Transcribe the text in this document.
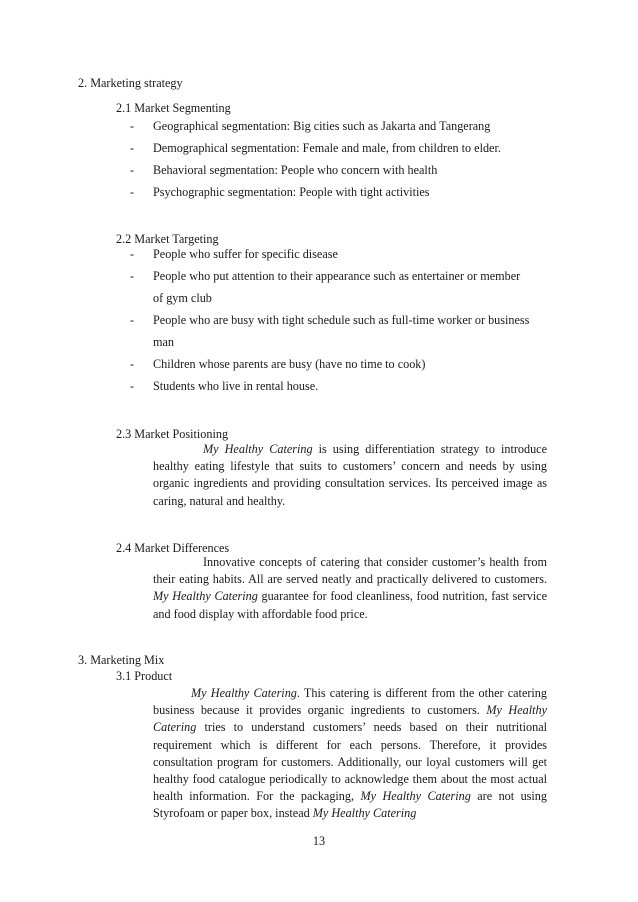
2. Marketing strategy
2.1 Market Segmenting
- Geographical segmentation: Big cities such as Jakarta and Tangerang
- Demographical segmentation: Female and male, from children to elder.
- Behavioral segmentation: People who concern with health
- Psychographic segmentation: People with tight activities
2.2 Market Targeting
- People who suffer for specific disease
- People who put attention to their appearance such as entertainer or member
of gym club
- People who are busy with tight schedule such as full-time worker or business
man
- Children whose parents are busy (have no time to cook)
- Students who live in rental house.
2.3 Market Positioning
My Healthy Catering is using differentiation strategy to introduce healthy eating lifestyle that suits to customers’ concern and needs by using organic ingredients and providing consultation services. Its perceived image as caring, natural and healthy.
2.4 Market Differences
Innovative concepts of catering that consider customer’s health from their eating habits. All are served neatly and practically delivered to customers. My Healthy Catering guarantee for food cleanliness, food nutrition, fast service and food display with affordable food price.
3. Marketing Mix
3.1 Product
My Healthy Catering. This catering is different from the other catering business because it provides organic ingredients to customers. My Healthy Catering tries to understand customers’ needs based on their nutritional requirement which is different for each persons. Therefore, it provides consultation program for customers. Additionally, our loyal customers will get healthy food catalogue periodically to acknowledge them about the most actual health information. For the packaging, My Healthy Catering are not using Styrofoam or paper box, instead My Healthy Catering
13
